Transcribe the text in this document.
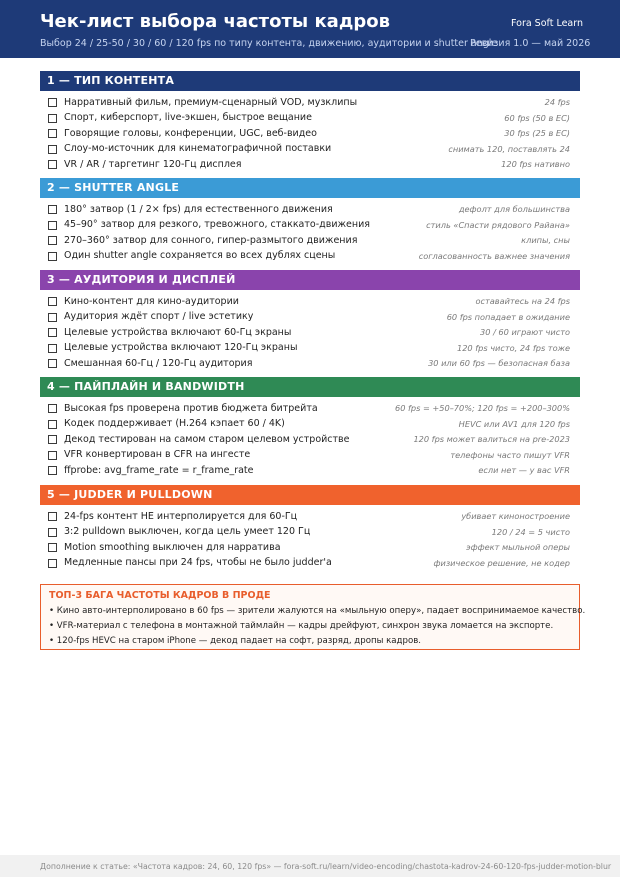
Чек-лист выбора частоты кадров	Fora Soft Learn
Выбор 24 / 25-50 / 30 / 60 / 120 fps по типу контента, движению, аудитории и shutter angle
Ревизия 1.0 — май 2026
1 — ТИП КОНТЕНТА
Нарративный фильм, премиум-сценарный VOD, музклипы	24 fps
Спорт, киберспорт, live-экшен, быстрое вещание	60 fps (50 в ЕС)
Говорящие головы, конференции, UGC, веб-видео	30 fps (25 в ЕС)
Слоу-мо-источник для кинематографичной поставки	снимать 120, поставлять 24
VR / AR / таргетинг 120-Гц дисплея	120 fps нативно
2 — SHUTTER ANGLE
180° затвор (1 / 2× fps) для естественного движения	дефолт для большинства
45–90° затвор для резкого, тревожного, стаккато-движения	стиль «Спасти рядового Райана»
270–360° затвор для сонного, гипер-размытого движения	клипы, сны
Один shutter angle сохраняется во всех дублях сцены	согласованность важнее значения
3 — АУДИТОРИЯ И ДИСПЛЕЙ
Кино-контент для кино-аудитории	оставайтесь на 24 fps
Аудитория ждёт спорт / live эстетику	60 fps попадает в ожидание
Целевые устройства включают 60-Гц экраны	30 / 60 играют чисто
Целевые устройства включают 120-Гц экраны	120 fps чисто, 24 fps тоже
Смешанная 60-Гц / 120-Гц аудитория	30 или 60 fps — безопасная база
4 — ПАЙПЛАЙН И BANDWIDTH
Высокая fps проверена против бюджета битрейта	60 fps = +50–70%; 120 fps = +200–300%
Кодек поддерживает (H.264 кэпает 60 / 4K)	HEVC или AV1 для 120 fps
Декод тестирован на самом старом целевом устройстве	120 fps может валиться на pre-2023
VFR конвертирован в CFR на ингесте	телефоны часто пишут VFR
ffprobe: avg_frame_rate = r_frame_rate	если нет — у вас VFR
5 — JUDDER И PULLDOWN
24-fps контент НЕ интерполируется для 60-Гц	убивает киноностроение
3:2 pulldown выключен, когда цель умеет 120 Гц	120 / 24 = 5 чисто
Motion smoothing выключен для нарратива	эффект мыльной оперы
Медленные пансы при 24 fps, чтобы не было judder'а	физическое решение, не кодер
ТОП-3 БАГА ЧАСТОТЫ КАДРОВ В ПРОДЕ
• Кино авто-интерполировано в 60 fps — зрители жалуются на «мыльную оперу», падает воспринимаемое качество.
• VFR-материал с телефона в монтажной таймлайн — кадры дрейфуют, синхрон звука ломается на экспорте.
• 120-fps HEVC на старом iPhone — декод падает на софт, разряд, дропы кадров.
Дополнение к статье: «Частота кадров: 24, 60, 120 fps» — fora-soft.ru/learn/video-encoding/chastota-kadrov-24-60-120-fps-judder-motion-blur
